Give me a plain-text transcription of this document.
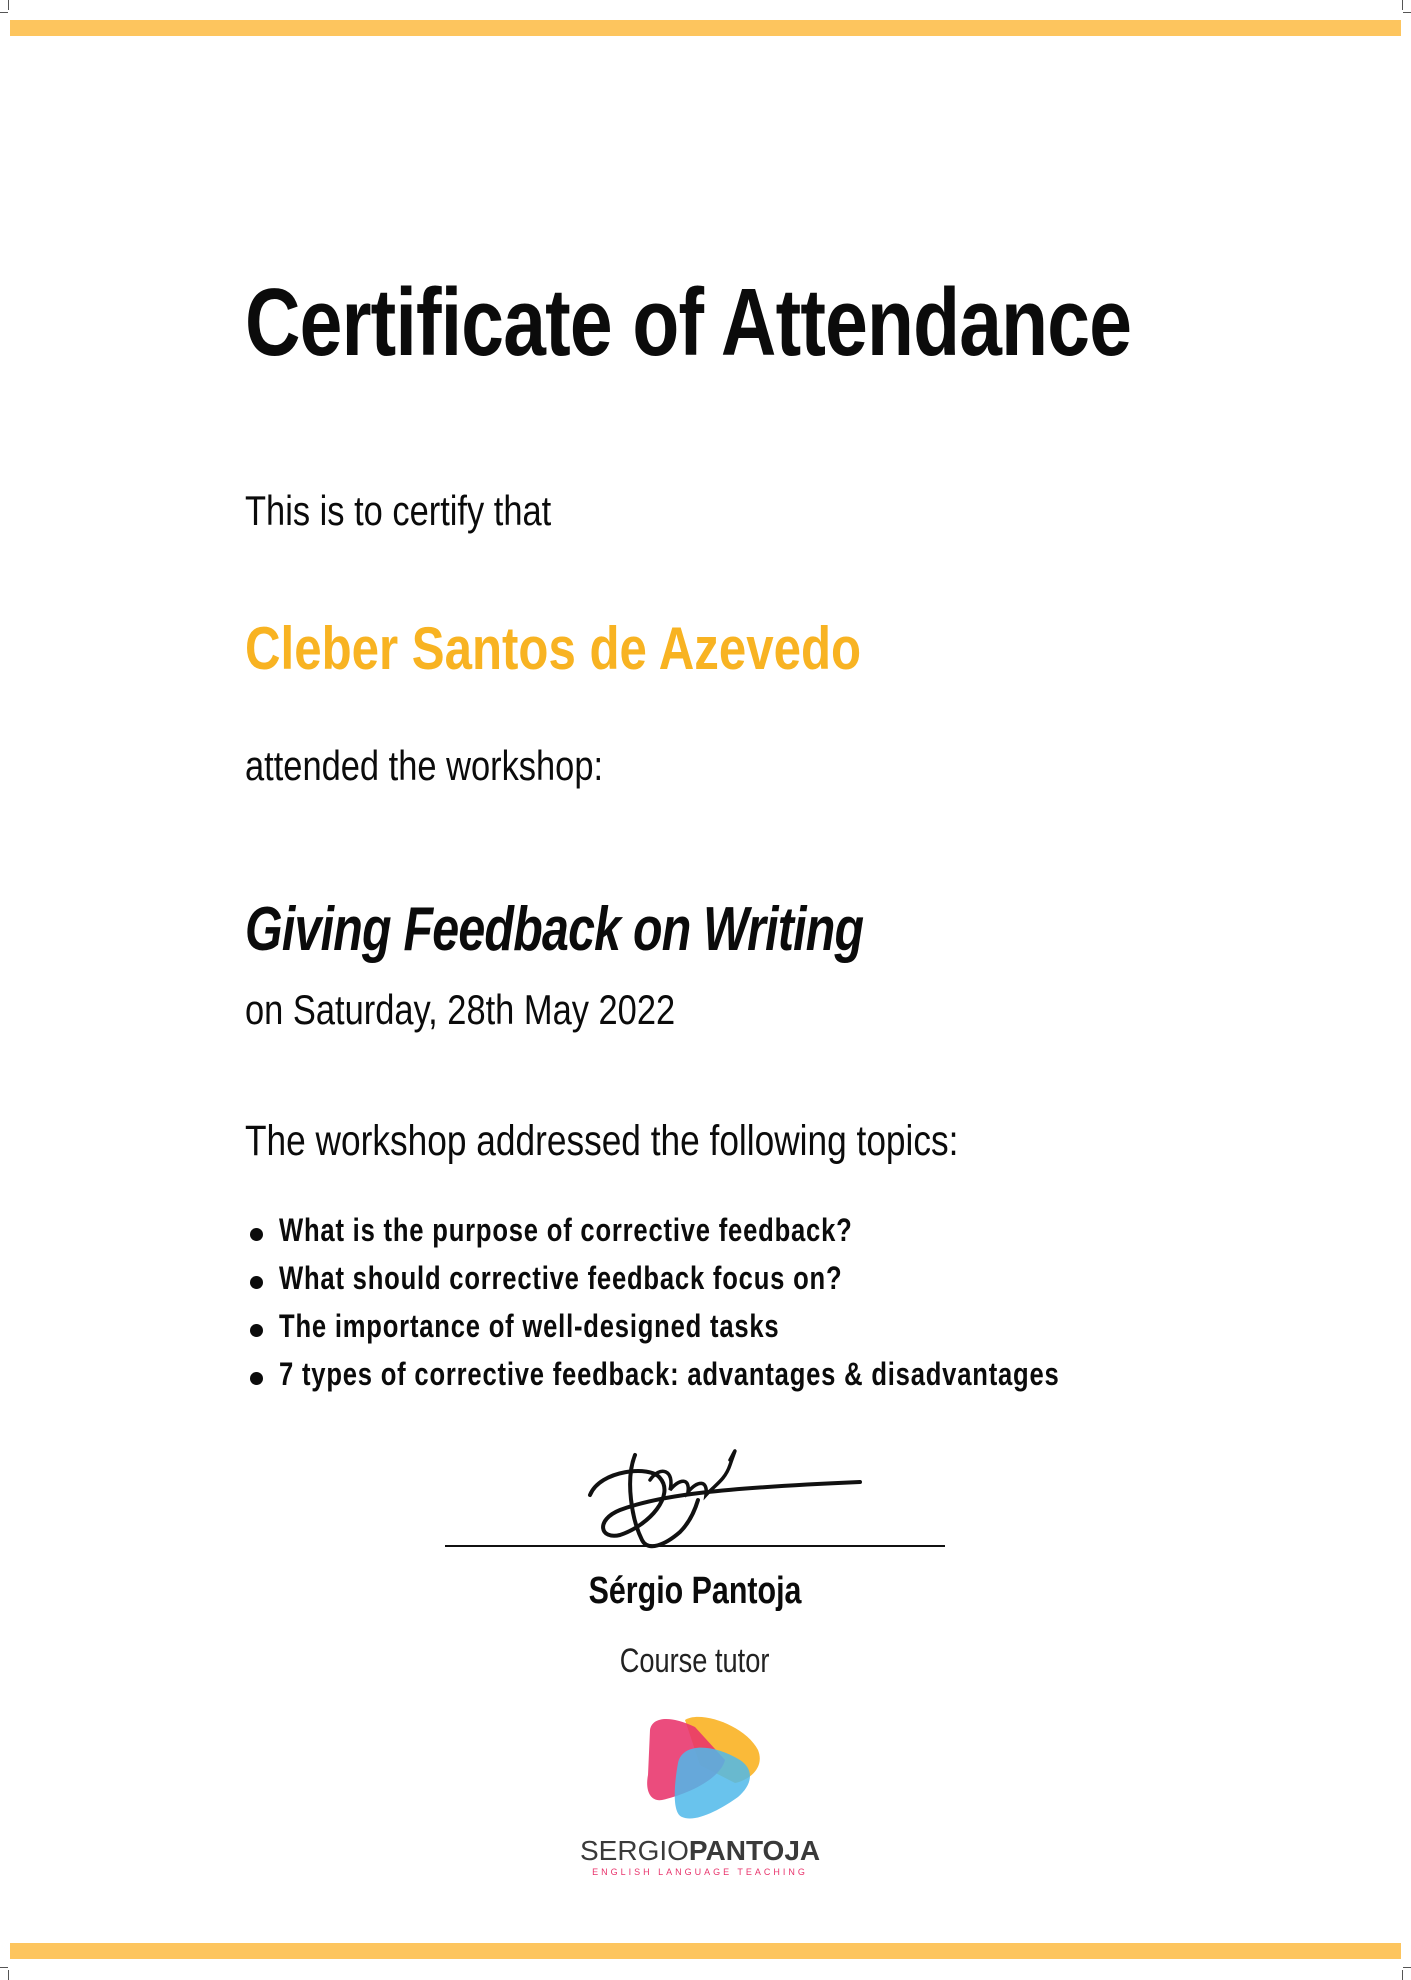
Certificate of Attendance

This is to certify that

Cleber Santos de Azevedo

attended the workshop:

Giving Feedback on Writing

on Saturday, 28th May 2022

The workshop addressed the following topics:

What is the purpose of corrective feedback?
What should corrective feedback focus on?
The importance of well-designed tasks
7 types of corrective feedback: advantages & disadvantages
Sérgio Pantoja
Course tutor
SERGIOPANTOJA
ENGLISH LANGUAGE TEACHING
